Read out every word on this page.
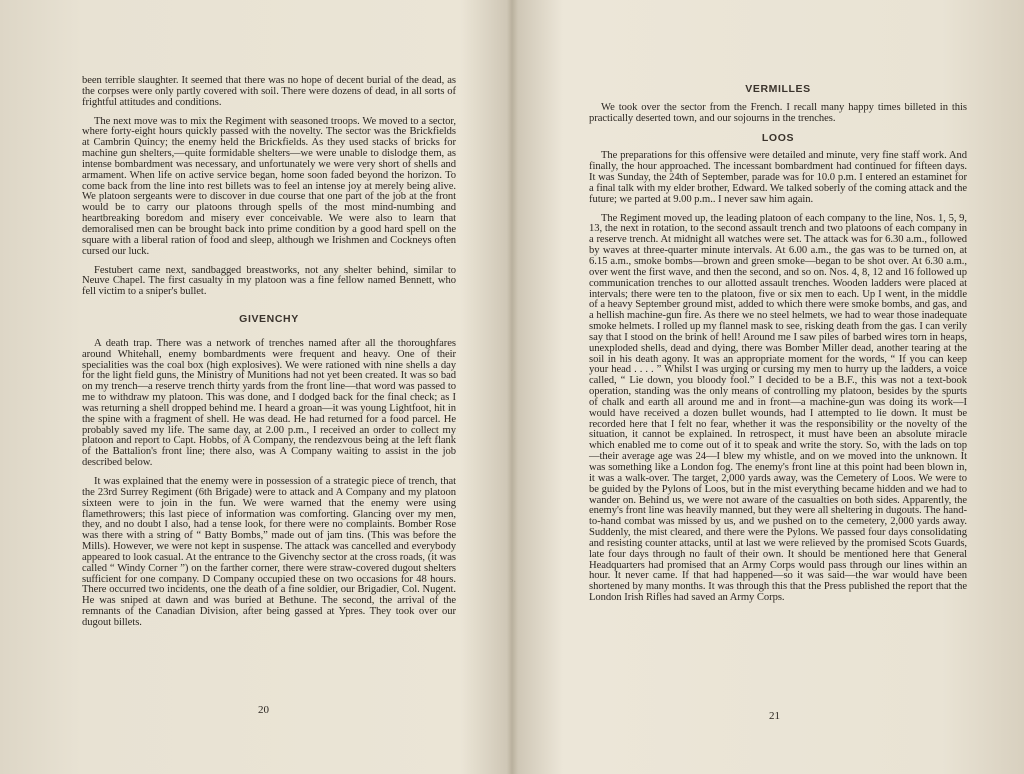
been terrible slaughter. It seemed that there was no hope of decent burial of the dead, as the corpses were only partly covered with soil. There were dozens of dead, in all sorts of frightful attitudes and conditions.

The next move was to mix the Regiment with seasoned troops. We moved to a sector, where forty-eight hours quickly passed with the novelty. The sector was the Brickfields at Cambrin Quincy; the enemy held the Brickfields. As they used stacks of bricks for machine gun shelters,—quite formidable shelters—we were unable to dislodge them, as intense bombardment was necessary, and unfortunately we were very short of shells and armament. When life on active service began, home soon faded beyond the horizon. To come back from the line into rest billets was to feel an intense joy at merely being alive. We platoon sergeants were to discover in due course that one part of the job at the front would be to carry our platoons through spells of the most mind-numbing and heartbreaking boredom and misery ever conceivable. We were also to learn that demoralised men can be brought back into prime condition by a good hard spell on the square with a liberal ration of food and sleep, although we Irishmen and Cockneys often cursed our luck.

Festubert came next, sandbagged breastworks, not any shelter behind, similar to Neuve Chapel. The first casualty in my platoon was a fine fellow named Bennett, who fell victim to a sniper's bullet.

GIVENCHY

A death trap. There was a network of trenches named after all the thoroughfares around Whitehall, enemy bombardments were frequent and heavy. One of their specialities was the coal box (high explosives). We were rationed with nine shells a day for the light field guns, the Ministry of Munitions had not yet been created. It was so bad on my trench—a reserve trench thirty yards from the front line—that word was passed to me to withdraw my platoon. This was done, and I dodged back for the final check; as I was returning a shell dropped behind me. I heard a groan—it was young Lightfoot, hit in the spine with a fragment of shell. He was dead. He had returned for a food parcel. He probably saved my life. The same day, at 2.00 p.m., I received an order to collect my platoon and report to Capt. Hobbs, of A Company, the rendezvous being at the left flank of the Battalion's front line; there also, was A Company waiting to assist in the job described below.

It was explained that the enemy were in possession of a strategic piece of trench, that the 23rd Surrey Regiment (6th Brigade) were to attack and A Company and my platoon sixteen were to join in the fun. We were warned that the enemy were using flamethrowers; this last piece of information was comforting. Glancing over my men, they, and no doubt I also, had a tense look, for there were no complaints. Bomber Rose was there with a string of “ Batty Bombs,” made out of jam tins. (This was before the Mills). However, we were not kept in suspense. The attack was cancelled and everybody appeared to look casual. At the entrance to the Givenchy sector at the cross roads, (it was called “ Windy Corner ”) on the farther corner, there were straw-covered dugout shelters sufficient for one company. D Company occupied these on two occasions for 48 hours. There occurred two incidents, one the death of a fine soldier, our Brigadier, Col. Nugent. He was sniped at dawn and was buried at Bethune. The second, the arrival of the remnants of the Canadian Division, after being gassed at Ypres. They took over our dugout billets.

20
VERMILLES

We took over the sector from the French. I recall many happy times billeted in this practically deserted town, and our sojourns in the trenches.

LOOS

The preparations for this offensive were detailed and minute, very fine staff work. And finally, the hour approached. The incessant bombardment had continued for fifteen days. It was Sunday, the 24th of September, parade was for 10.0 p.m. I entered an estaminet for a final talk with my elder brother, Edward. We talked soberly of the coming attack and the future; we parted at 9.00 p.m.. I never saw him again.

The Regiment moved up, the leading platoon of each company to the line, Nos. 1, 5, 9, 13, the next in rotation, to the second assault trench and two platoons of each company in a reserve trench. At midnight all watches were set. The attack was for 6.30 a.m., followed by waves at three-quarter minute intervals. At 6.00 a.m., the gas was to be turned on, at 6.15 a.m., smoke bombs—brown and green smoke—began to be shot over. At 6.30 a.m., over went the first wave, and then the second, and so on. Nos. 4, 8, 12 and 16 followed up communication trenches to our allotted assault trenches. Wooden ladders were placed at intervals; there were ten to the platoon, five or six men to each. Up I went, in the middle of a heavy September ground mist, added to which there were smoke bombs, and gas, and a hellish machine-gun fire. As there we no steel helmets, we had to wear those inadequate smoke helmets. I rolled up my flannel mask to see, risking death from the gas. I can verily say that I stood on the brink of hell! Around me I saw piles of barbed wires torn in heaps, unexploded shells, dead and dying, there was Bomber Miller dead, another tearing at the soil in his death agony. It was an appropriate moment for the words, “ If you can keep your head . . . . ” Whilst I was urging or cursing my men to hurry up the ladders, a voice called, “ Lie down, you bloody fool.” I decided to be a B.F., this was not a text-book operation, standing was the only means of controlling my platoon, besides by the spurts of chalk and earth all around me and in front—a machine-gun was doing its work—I would have received a dozen bullet wounds, had I attempted to lie down. It must be recorded here that I felt no fear, whether it was the responsibility or the novelty of the situation, it cannot be explained. In retrospect, it must have been an absolute miracle which enabled me to come out of it to speak and write the story. So, with the lads on top—their average age was 24—I blew my whistle, and on we moved into the unknown. It was something like a London fog. The enemy's front line at this point had been blown in, it was a walk-over. The target, 2,000 yards away, was the Cemetery of Loos. We were to be guided by the Pylons of Loos, but in the mist everything became hidden and we had to wander on. Behind us, we were not aware of the casualties on both sides. Apparently, the enemy's front line was heavily manned, but they were all sheltering in dugouts. The hand-to-hand combat was missed by us, and we pushed on to the cemetery, 2,000 yards away. Suddenly, the mist cleared, and there were the Pylons. We passed four days consolidating and resisting counter attacks, until at last we were relieved by the promised Scots Guards, late four days through no fault of their own. It should be mentioned here that General Headquarters had promised that an Army Corps would pass through our lines within an hour. It never came. If that had happened—so it was said—the war would have been shortened by many months. It was through this that the Press published the report that the London Irish Rifles had saved an Army Corps.

21
